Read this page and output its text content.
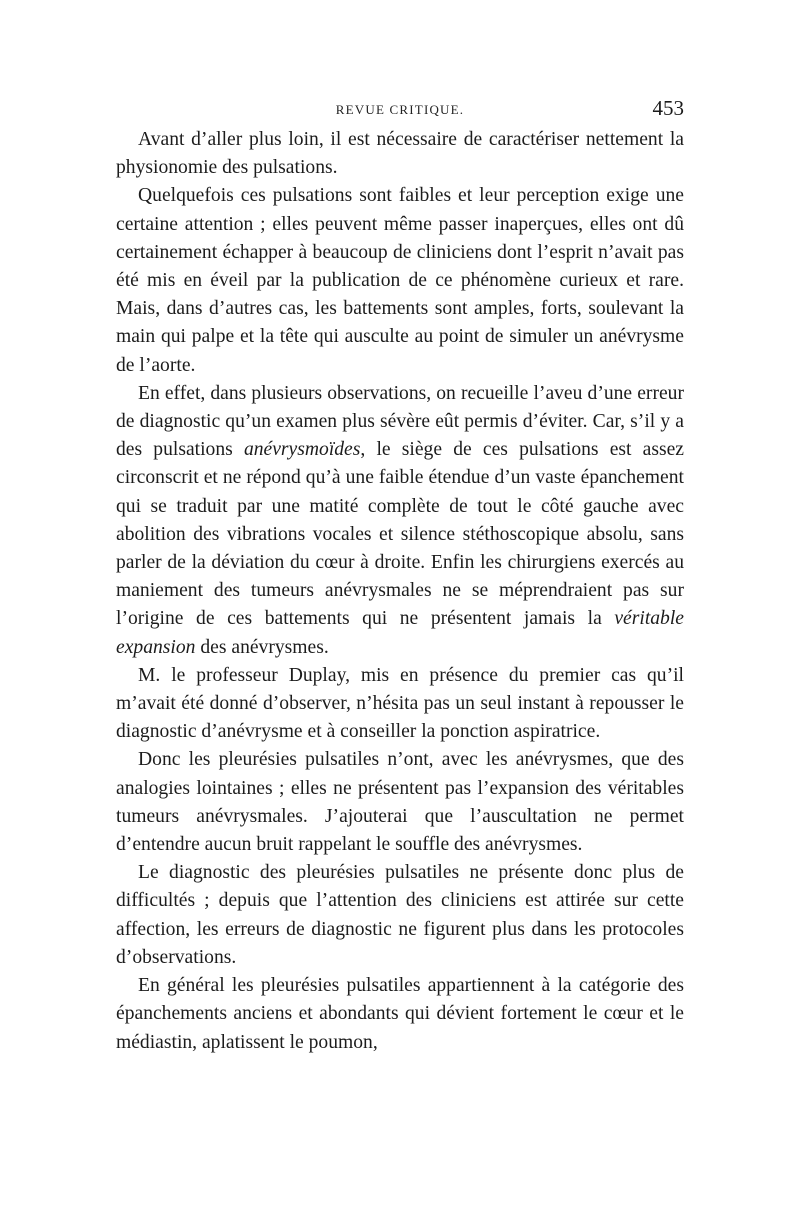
REVUE CRITIQUE.	453

Avant d’aller plus loin, il est nécessaire de caractériser nettement la physionomie des pulsations.

Quelquefois ces pulsations sont faibles et leur perception exige une certaine attention ; elles peuvent même passer inaperçues, elles ont dû certainement échapper à beaucoup de cliniciens dont l’esprit n’avait pas été mis en éveil par la publication de ce phénomène curieux et rare. Mais, dans d’autres cas, les battements sont amples, forts, soulevant la main qui palpe et la tête qui ausculte au point de simuler un anévrysme de l’aorte.

En effet, dans plusieurs observations, on recueille l’aveu d’une erreur de diagnostic qu’un examen plus sévère eût permis d’éviter. Car, s’il y a des pulsations anévrysmoïdes, le siège de ces pulsations est assez circonscrit et ne répond qu’à une faible étendue d’un vaste épanchement qui se traduit par une matité complète de tout le côté gauche avec abolition des vibrations vocales et silence stéthoscopique absolu, sans parler de la déviation du cœur à droite. Enfin les chirurgiens exercés au maniement des tumeurs anévrysmales ne se méprendraient pas sur l’origine de ces battements qui ne présentent jamais la véritable expansion des anévrysmes.

M. le professeur Duplay, mis en présence du premier cas qu’il m’avait été donné d’observer, n’hésita pas un seul instant à repousser le diagnostic d’anévrysme et à conseiller la ponction aspiratrice.

Donc les pleurésies pulsatiles n’ont, avec les anévrysmes, que des analogies lointaines ; elles ne présentent pas l’expansion des véritables tumeurs anévrysmales. J’ajouterai que l’auscultation ne permet d’entendre aucun bruit rappelant le souffle des anévrysmes.

Le diagnostic des pleurésies pulsatiles ne présente donc plus de difficultés ; depuis que l’attention des cliniciens est attirée sur cette affection, les erreurs de diagnostic ne figurent plus dans les protocoles d’observations.

En général les pleurésies pulsatiles appartiennent à la catégorie des épanchements anciens et abondants qui dévient fortement le cœur et le médiastin, aplatissent le poumon,
